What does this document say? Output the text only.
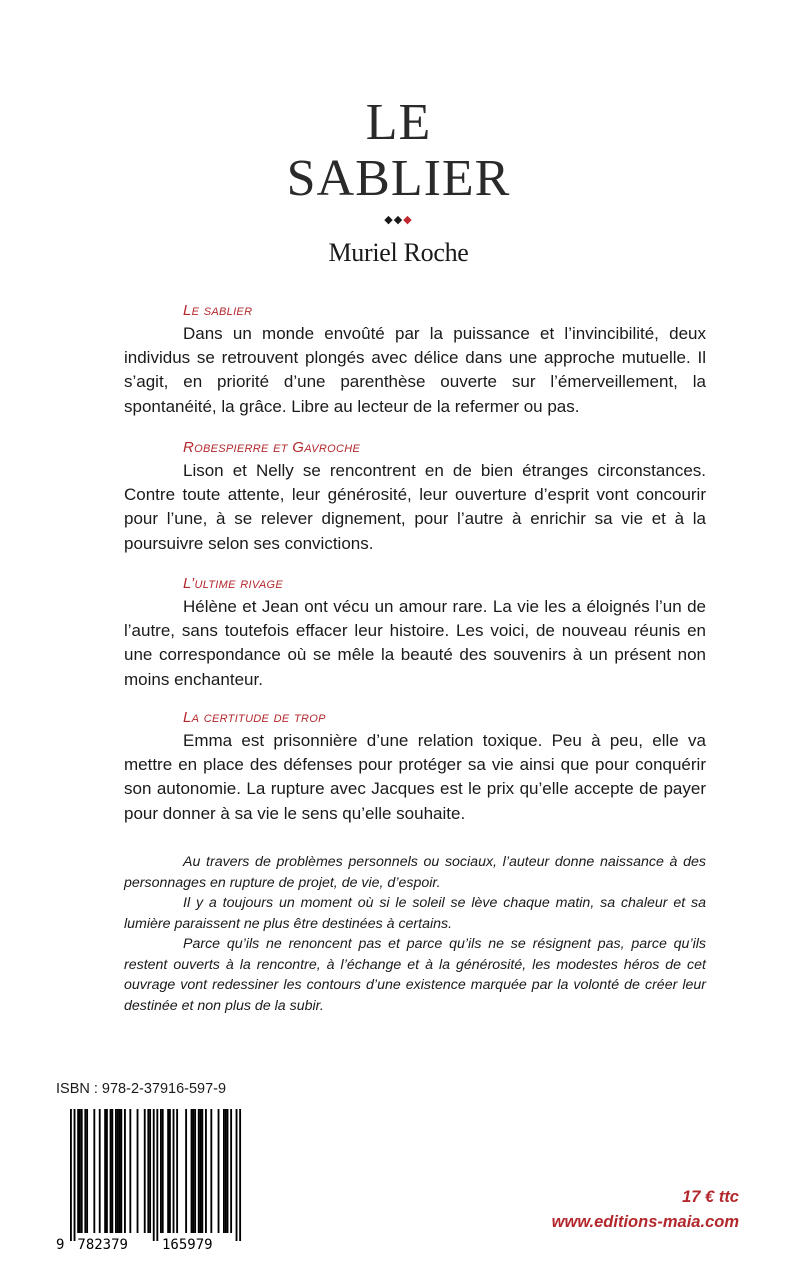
LE
SABLIER
◆◆◆
Muriel Roche
Le sablier
Dans un monde envoûté par la puissance et l’invincibilité, deux individus se retrouvent plongés avec délice dans une approche mutuelle. Il s’agit, en priorité d’une parenthèse ouverte sur l’émerveillement, la spontanéité, la grâce. Libre au lecteur de la refermer ou pas.
Robespierre et Gavroche
Lison et Nelly se rencontrent en de bien étranges circonstances. Contre toute attente, leur générosité, leur ouverture d’esprit vont concourir pour l’une, à se relever dignement, pour l’autre à enrichir sa vie et à la poursuivre selon ses convictions.
L’ultime rivage
Hélène et Jean ont vécu un amour rare. La vie les a éloignés l’un de l’autre, sans toutefois effacer leur histoire. Les voici, de nouveau réunis en une correspondance où se mêle la beauté des souvenirs à un présent non moins enchanteur.
La certitude de trop
Emma est prisonnière d’une relation toxique. Peu à peu, elle va mettre en place des défenses pour protéger sa vie ainsi que pour conquérir son autonomie. La rupture avec Jacques est le prix qu’elle accepte de payer pour donner à sa vie le sens qu’elle souhaite.

Au travers de problèmes personnels ou sociaux, l’auteur donne naissance à des personnages en rupture de projet, de vie, d’espoir.

Il y a toujours un moment où si le soleil se lève chaque matin, sa chaleur et sa lumière paraissent ne plus être destinées à certains.

Parce qu’ils ne renoncent pas et parce qu’ils ne se résignent pas, parce qu’ils restent ouverts à la rencontre, à l’échange et à la générosité, les modestes héros de cet ouvrage vont redessiner les contours d’une existence marquée par la volonté de créer leur destinée et non plus de la subir.

ISBN : 978-2-37916-597-9
9 782379 165979
17 € ttc
www.editions-maia.com
